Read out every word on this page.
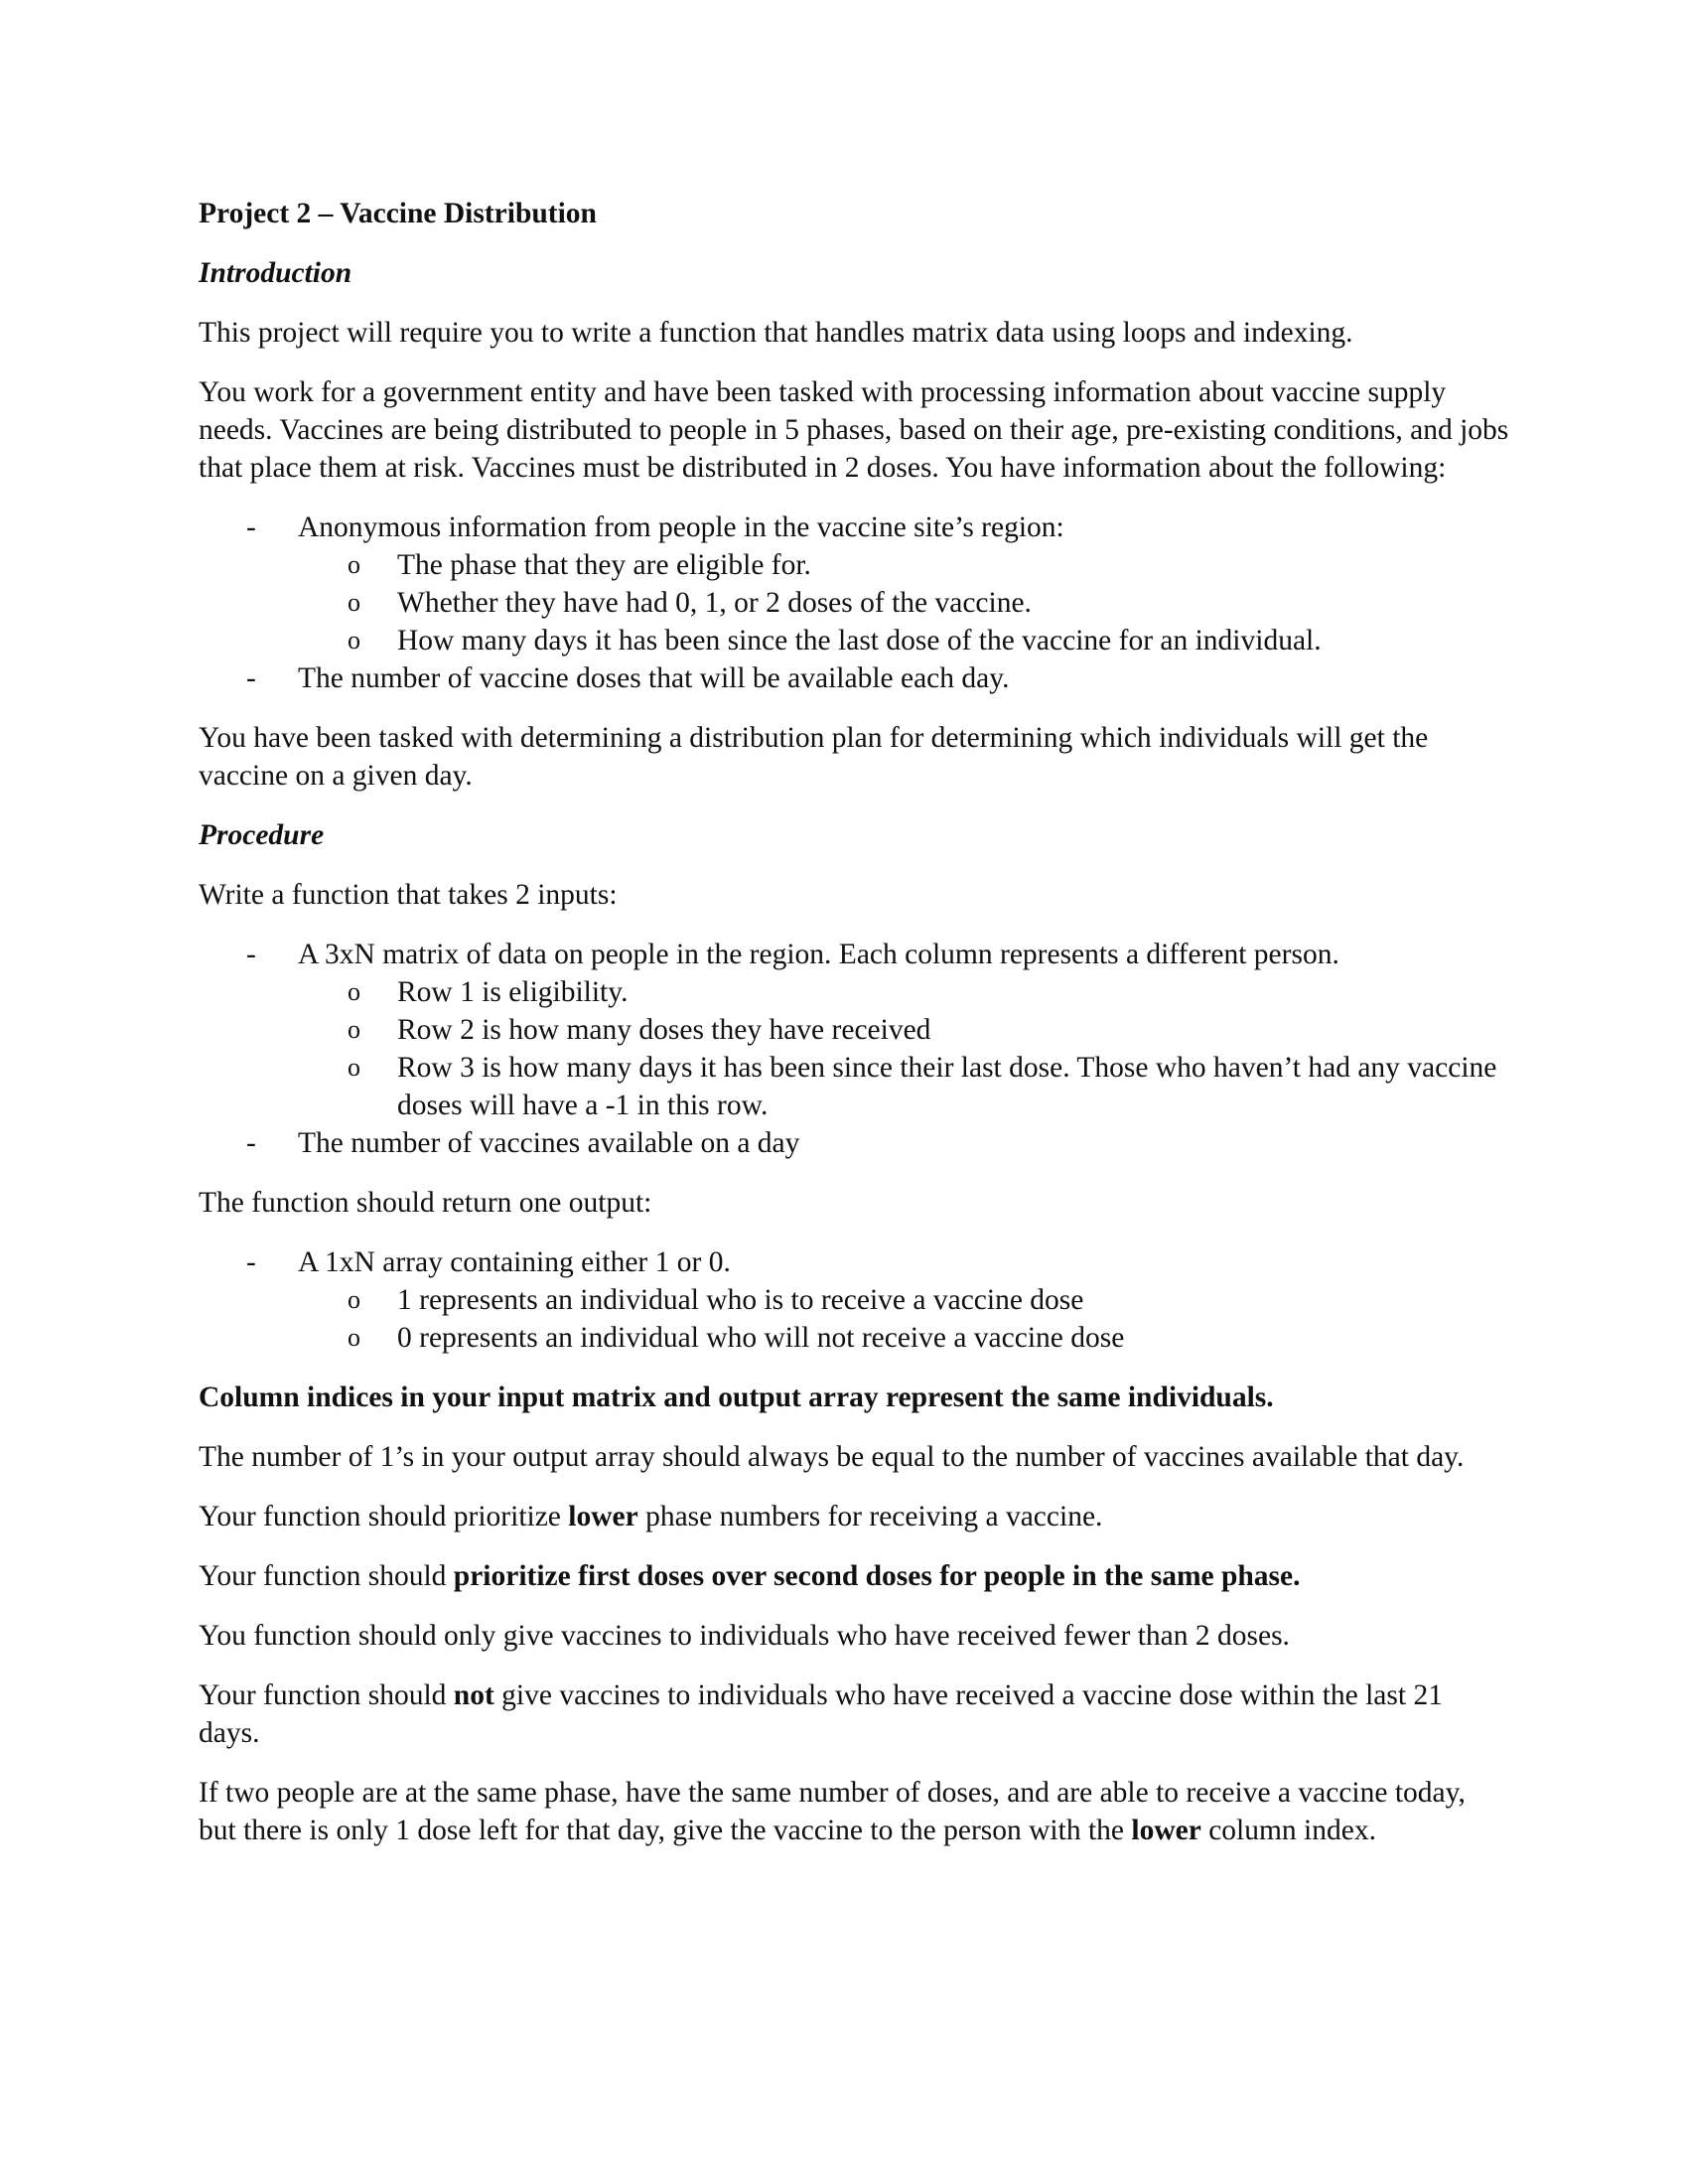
Project 2 – Vaccine Distribution

Introduction

This project will require you to write a function that handles matrix data using loops and indexing.

You work for a government entity and have been tasked with processing information about vaccine supply needs. Vaccines are being distributed to people in 5 phases, based on their age, pre-existing conditions, and jobs that place them at risk. Vaccines must be distributed in 2 doses. You have information about the following:

- Anonymous information from people in the vaccine site’s region:
o The phase that they are eligible for.
o Whether they have had 0, 1, or 2 doses of the vaccine.
o How many days it has been since the last dose of the vaccine for an individual.
- The number of vaccine doses that will be available each day.

You have been tasked with determining a distribution plan for determining which individuals will get the vaccine on a given day.

Procedure

Write a function that takes 2 inputs:

- A 3xN matrix of data on people in the region. Each column represents a different person.
o Row 1 is eligibility.
o Row 2 is how many doses they have received
o Row 3 is how many days it has been since their last dose. Those who haven’t had any vaccine doses will have a -1 in this row.
- The number of vaccines available on a day

The function should return one output:

- A 1xN array containing either 1 or 0.
o 1 represents an individual who is to receive a vaccine dose
o 0 represents an individual who will not receive a vaccine dose

Column indices in your input matrix and output array represent the same individuals.

The number of 1’s in your output array should always be equal to the number of vaccines available that day.

Your function should prioritize lower phase numbers for receiving a vaccine.

Your function should prioritize first doses over second doses for people in the same phase.

You function should only give vaccines to individuals who have received fewer than 2 doses.

Your function should not give vaccines to individuals who have received a vaccine dose within the last 21 days.

If two people are at the same phase, have the same number of doses, and are able to receive a vaccine today, but there is only 1 dose left for that day, give the vaccine to the person with the lower column index.
